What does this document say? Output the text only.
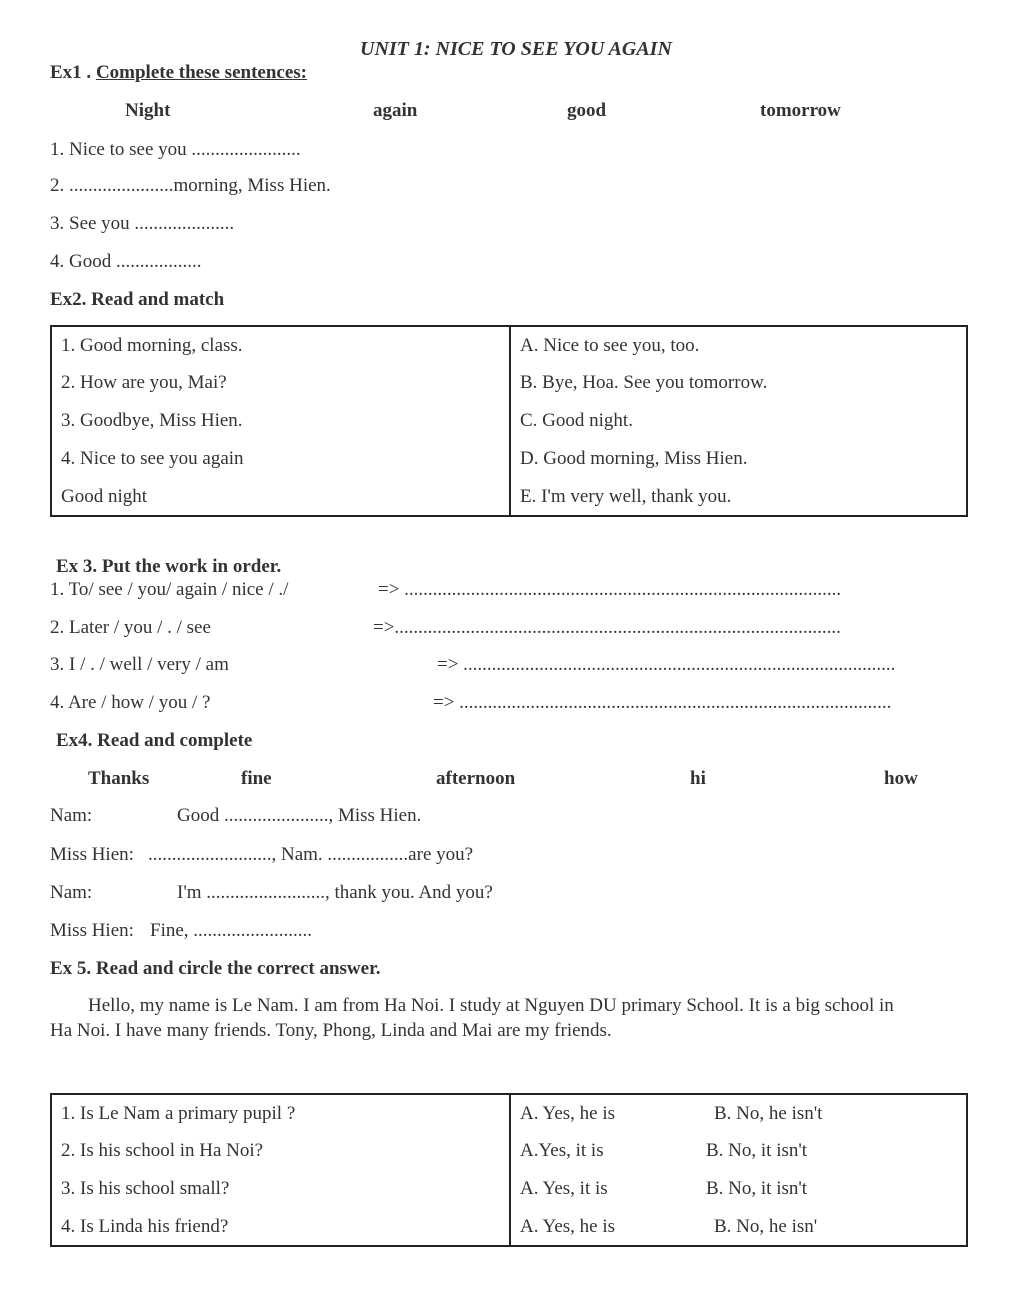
UNIT 1: NICE TO SEE YOU AGAIN
Ex1 . Complete these sentences:
Night	again	good	tomorrow
1. Nice to see you .......................
2. ......................morning, Miss Hien.
3. See you .....................
4. Good ..................
Ex2. Read and match
1. Good morning, class.	A. Nice to see you, too.
2. How are you, Mai?	B. Bye, Hoa. See you tomorrow.
3. Goodbye, Miss Hien.	C. Good night.
4. Nice to see you again	D. Good morning, Miss Hien.
Good night	E. I'm very well, thank you.
Ex 3. Put the work in order.
1. To/ see / you/ again / nice / ./	=> ............................................................................................
2. Later / you / . / see	=>..............................................................................................
3. I / . / well / very / am	=> ...........................................................................................
4. Are / how / you / ?	=> ...........................................................................................
Ex4. Read and complete
Thanks	fine	afternoon	hi	how
Nam:	Good ......................, Miss Hien.
Miss Hien: .........................., Nam. .................are you?
Nam:	I'm ........................., thank you. And you?
Miss Hien: Fine, .........................
Ex 5. Read and circle the correct answer.
Hello, my name is Le Nam. I am from Ha Noi. I study at Nguyen DU primary School. It is a big school in
Ha Noi. I have many friends. Tony, Phong, Linda and Mai are my friends.
1. Is Le Nam a primary pupil ?	A. Yes, he is B. No, he isn't

2. Is his school in Ha Noi?	A.Yes, it is B. No, it isn't

3. Is his school small?	A. Yes, it is B. No, it isn't

4. Is Linda his friend?	A. Yes, he is B. No, he isn'
